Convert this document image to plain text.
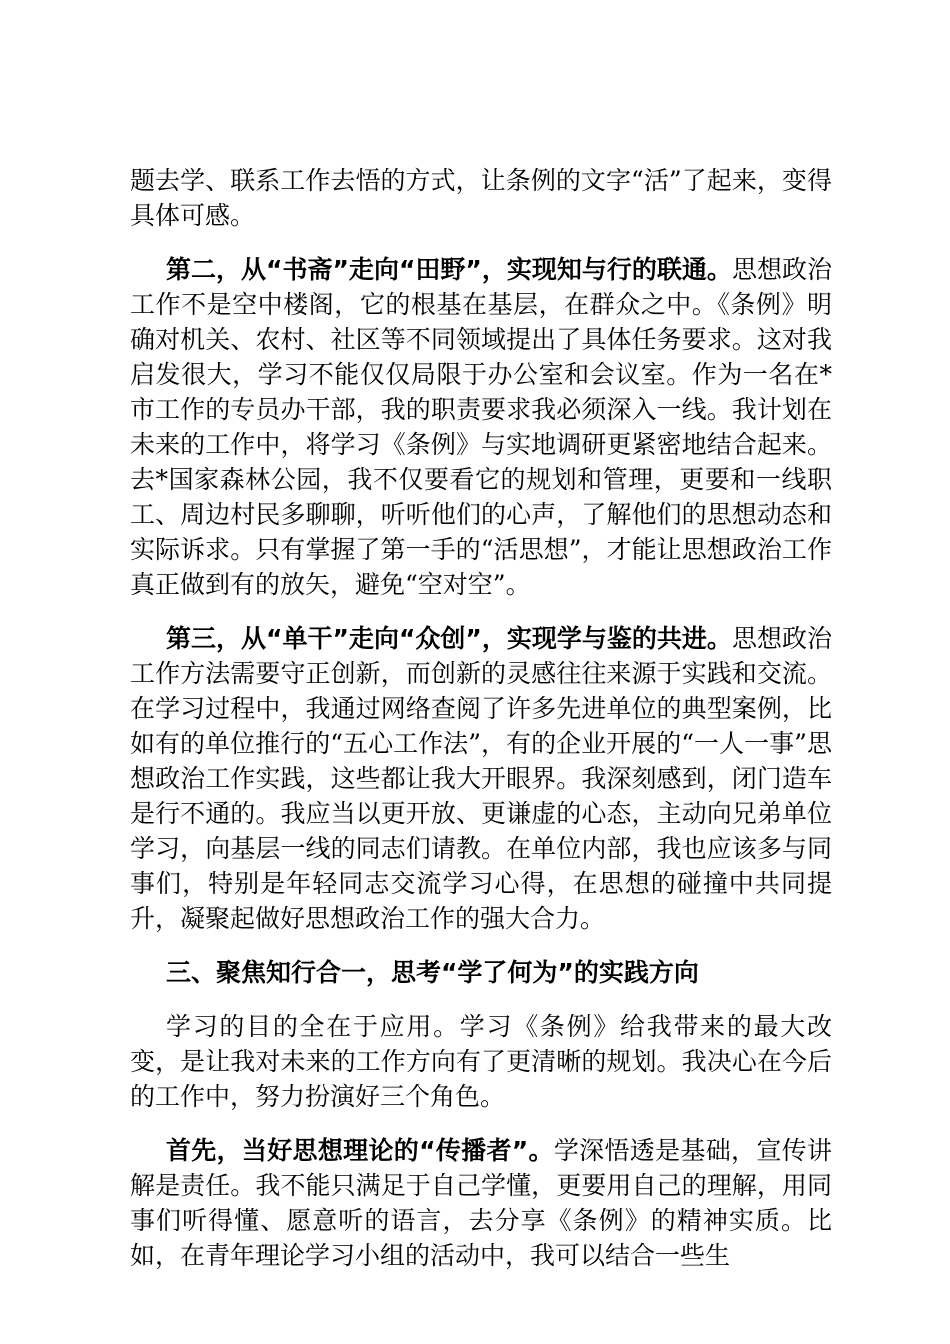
题去学、联系工作去悟的方式，让条例的文字“活”了起来，变得具体可感。

第二，从“书斋”走向“田野”，实现知与行的联通。思想政治工作不是空中楼阁，它的根基在基层，在群众之中。《条例》明确对机关、农村、社区等不同领域提出了具体任务要求。这对我启发很大，学习不能仅仅局限于办公室和会议室。作为一名在*市工作的专员办干部，我的职责要求我必须深入一线。我计划在未来的工作中，将学习《条例》与实地调研更紧密地结合起来。去*国家森林公园，我不仅要看它的规划和管理，更要和一线职工、周边村民多聊聊，听听他们的心声，了解他们的思想动态和实际诉求。只有掌握了第一手的“活思想”，才能让思想政治工作真正做到有的放矢，避免“空对空”。

第三，从“单干”走向“众创”，实现学与鉴的共进。思想政治工作方法需要守正创新，而创新的灵感往往来源于实践和交流。在学习过程中，我通过网络查阅了许多先进单位的典型案例，比如有的单位推行的“五心工作法”，有的企业开展的“一人一事”思想政治工作实践，这些都让我大开眼界。我深刻感到，闭门造车是行不通的。我应当以更开放、更谦虚的心态，主动向兄弟单位学习，向基层一线的同志们请教。在单位内部，我也应该多与同事们，特别是年轻同志交流学习心得，在思想的碰撞中共同提升，凝聚起做好思想政治工作的强大合力。

三、聚焦知行合一，思考“学了何为”的实践方向

学习的目的全在于应用。学习《条例》给我带来的最大改变，是让我对未来的工作方向有了更清晰的规划。我决心在今后的工作中，努力扮演好三个角色。

首先，当好思想理论的“传播者”。学深悟透是基础，宣传讲解是责任。我不能只满足于自己学懂，更要用自己的理解，用同事们听得懂、愿意听的语言，去分享《条例》的精神实质。比如，在青年理论学习小组的活动中，我可以结合一些生
